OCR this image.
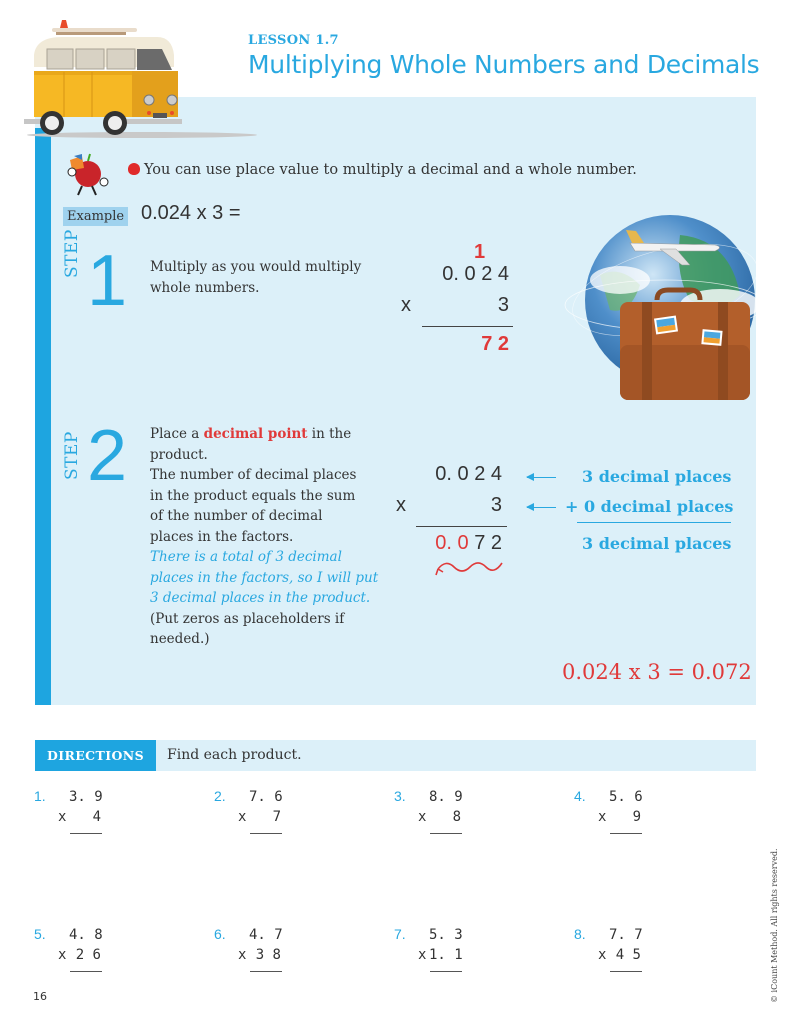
LESSON 1.7
Multiplying Whole Numbers and Decimals
You can use place value to multiply a decimal and a whole number.
Example 0.024 x 3 =
STEP 1 Multiply as you would multiply
whole numbers.
1
0. 0 2 4
x	3
7 2
STEP 2 Place a decimal point in the
product.
The number of decimal places
in the product equals the sum
of the number of decimal
places in the factors.
There is a total of 3 decimal
places in the factors, so I will put
3 decimal places in the product.
(Put zeros as placeholders if
needed.)
0. 0 2 4
x	3
0. 0 7 2
3 decimal places
+ 0 decimal places
3 decimal places
0.024 x 3 = 0.072
DIRECTIONS	Find each product.
1. 3. 9
x	4
2. 7. 6
x	7
3. 8. 9
x	8
4. 5. 6
x	9
5. 4. 8
x 2 6
6. 4. 7
x 3 8
7. 5. 3
x 1. 1
8. 7. 7
x 4 5
16	© iCount Method. All rights reserved.
